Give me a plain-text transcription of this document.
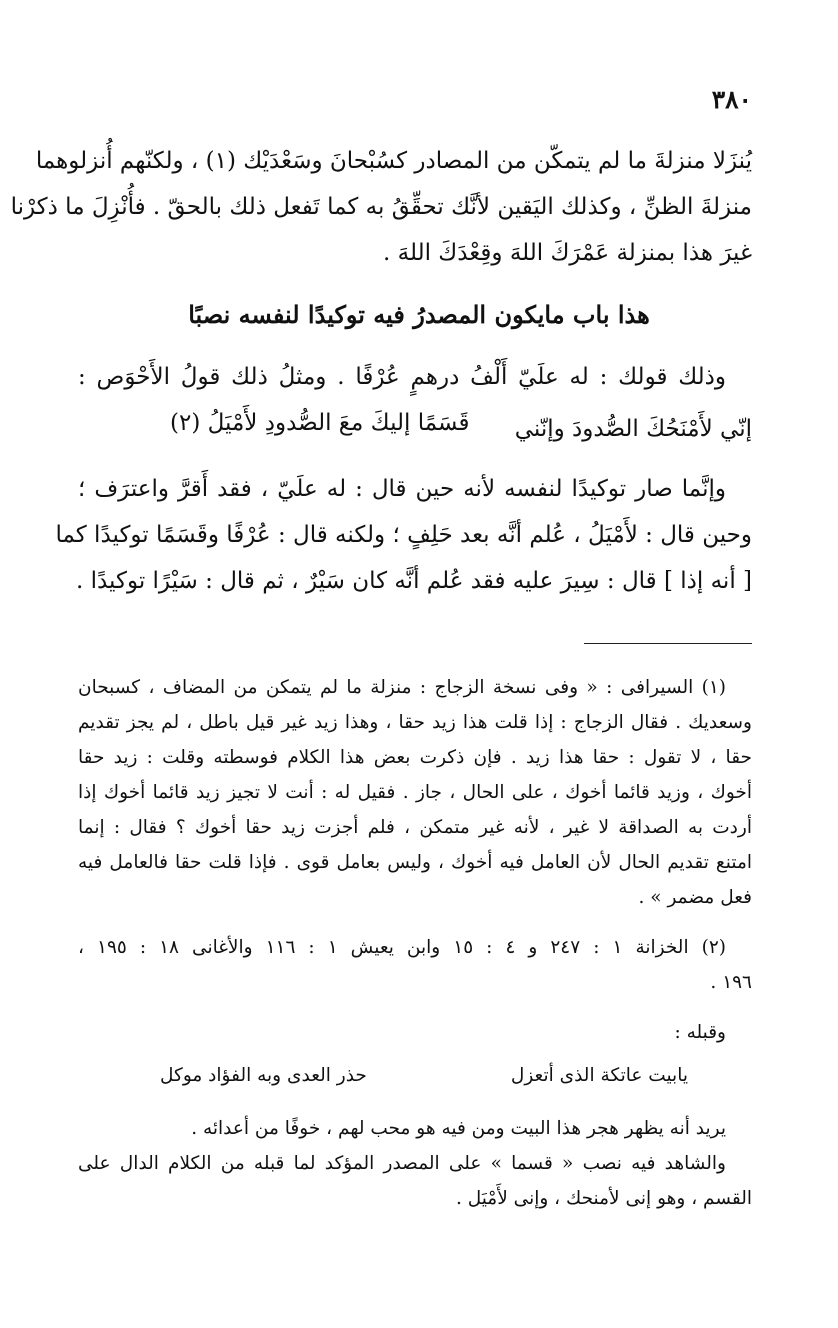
٣٨٠
يُنزَلا منزلةَ ما لم يتمكّن من المصادر كسُبْحانَ وسَعْدَيْك (١) ، ولكنّهم أُنزلوهما
منزلةَ الظنِّ ، وكذلك اليَقين لأنَّك تحقِّقُ به كما تَفعل ذلك بالحقّ . فأُنْزِلَ ما ذكرْنا
غيرَ هذا بمنزلة عَمْرَكَ اللهَ وقِعْدَكَ اللهَ .
هذا باب مايكون المصدرُ فيه توكيدًا لنفسه نصبًا
وذلك قولك : له علَيّ أَلْفُ درهمٍ عُرْفًا . ومثلُ ذلك قولُ الأَحْوَص :
إنّي لأَمْنَحُكَ الصُّدودَ وإنّني
قَسَمًا إليكَ معَ الصُّدودِ لأَمْيَلُ (٢)
وإنَّما صار توكيدًا لنفسه لأنه حين قال : له علَيّ ، فقد أَقرَّ واعترَف ؛
وحين قال : لأَمْيَلُ ، عُلم أنَّه بعد حَلِفٍ ؛ ولكنه قال : عُرْفًا وقَسَمًا توكيدًا كما
[ أنه إذا ] قال : سِيرَ عليه فقد عُلم أنَّه كان سَيْرٌ ، ثم قال : سَيْرًا توكيدًا .
(١) السيرافى : « وفى نسخة الزجاج : منزلة ما لم يتمكن من المضاف ، كسبحان
وسعديك . فقال الزجاج : إذا قلت هذا زيد حقا ، وهذا زيد غير قيل باطل ، لم يجز تقديم
حقا ، لا تقول : حقا هذا زيد . فإن ذكرت بعض هذا الكلام فوسطته وقلت : زيد حقا
أخوك ، وزيد قائما أخوك ، على الحال ، جاز . فقيل له : أنت لا تجيز زيد قائما أخوك إذا
أردت به الصداقة لا غير ، لأنه غير متمكن ، فلم أجزت زيد حقا أخوك ؟ فقال : إنما
امتنع تقديم الحال لأن العامل فيه أخوك ، وليس بعامل قوى . فإذا قلت حقا فالعامل فيه
فعل مضمر » .
(٢) الخزانة ١ : ٢٤٧ و ٤ : ١٥ وابن يعيش ١ : ١١٦ والأغانى ١٨ : ١٩٥ ،
١٩٦ .
وقبله :
يابيت عاتكة الذى أتعزل
حذر العدى وبه الفؤاد موكل
يريد أنه يظهر هجر هذا البيت ومن فيه هو محب لهم ، خوفًا من أعدائه .
والشاهد فيه نصب « قسما » على المصدر المؤكد لما قبله من الكلام الدال على
القسم ، وهو إنى لأمنحك ، وإنى لأَمْيَل .
